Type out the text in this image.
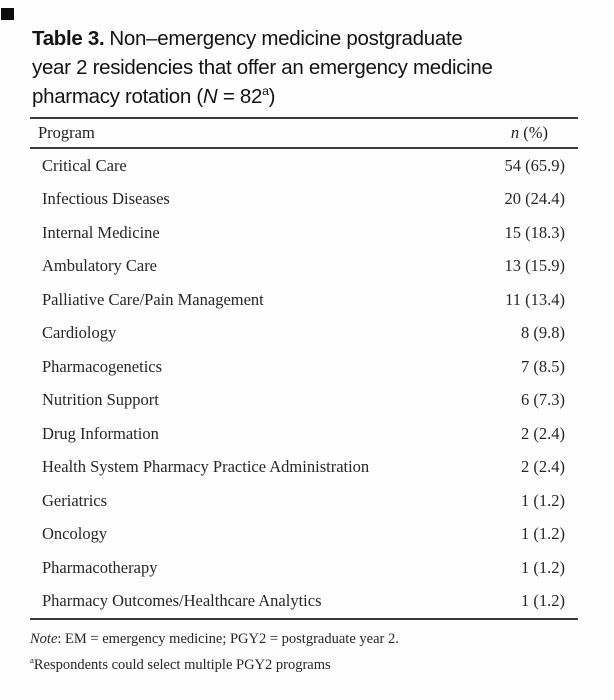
Table 3. Non–emergency medicine postgraduate
year 2 residencies that offer an emergency medicine
pharmacy rotation $(N = 82^a)$
Program	n (%)
Critical Care	54 (65.9)
Infectious Diseases	20 (24.4)
Internal Medicine	15 (18.3)
Ambulatory Care	13 (15.9)
Palliative Care/Pain Management	11 (13.4)
Cardiology	8 (9.8)
Pharmacogenetics	7 (8.5)
Nutrition Support	6 (7.3)
Drug Information	2 (2.4)
Health System Pharmacy Practice Administration	2 (2.4)
Geriatrics	1 (1.2)
Oncology	1 (1.2)
Pharmacotherapy	1 (1.2)
Pharmacy Outcomes/Healthcare Analytics	1 (1.2)
Note: EM = emergency medicine; PGY2 = postgraduate year 2.
$^a$Respondents could select multiple PGY2 programs
